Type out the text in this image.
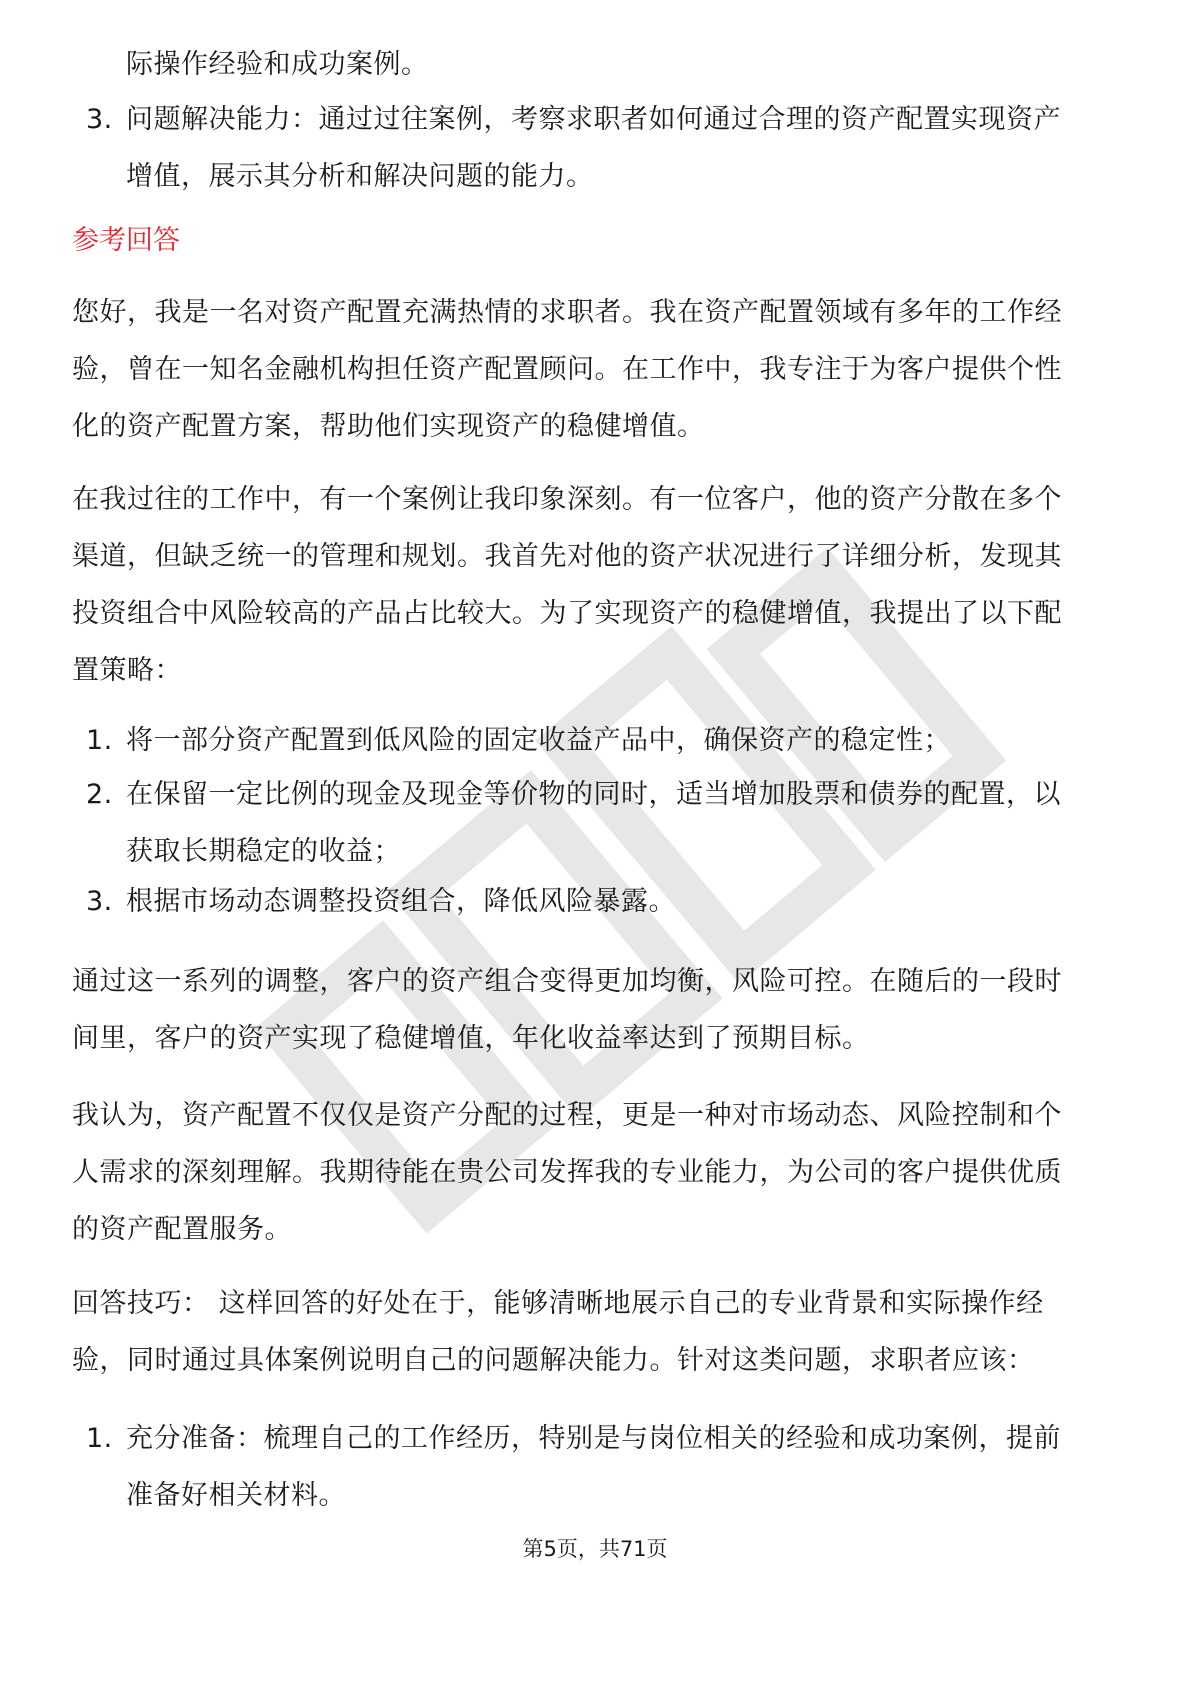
际操作经验和成功案例。
3. 问题解决能力：通过过往案例，考察求职者如何通过合理的资产配置实现资产
增值，展示其分析和解决问题的能力。
参考回答
您好，我是一名对资产配置充满热情的求职者。我在资产配置领域有多年的工作经
验，曾在一知名金融机构担任资产配置顾问。在工作中，我专注于为客户提供个性
化的资产配置方案，帮助他们实现资产的稳健增值。
在我过往的工作中，有一个案例让我印象深刻。有一位客户，他的资产分散在多个
渠道，但缺乏统一的管理和规划。我首先对他的资产状况进行了详细分析，发现其
投资组合中风险较高的产品占比较大。为了实现资产的稳健增值，我提出了以下配
置策略：
1. 将一部分资产配置到低风险的固定收益产品中，确保资产的稳定性；
2. 在保留一定比例的现金及现金等价物的同时，适当增加股票和债券的配置，以
获取长期稳定的收益；
3. 根据市场动态调整投资组合，降低风险暴露。
通过这一系列的调整，客户的资产组合变得更加均衡，风险可控。在随后的一段时
间里，客户的资产实现了稳健增值，年化收益率达到了预期目标。
我认为，资产配置不仅仅是资产分配的过程，更是一种对市场动态、风险控制和个
人需求的深刻理解。我期待能在贵公司发挥我的专业能力，为公司的客户提供优质
的资产配置服务。
回答技巧： 这样回答的好处在于，能够清晰地展示自己的专业背景和实际操作经
验，同时通过具体案例说明自己的问题解决能力。针对这类问题，求职者应该：
1. 充分准备：梳理自己的工作经历，特别是与岗位相关的经验和成功案例，提前
准备好相关材料。
第5页，共71页
